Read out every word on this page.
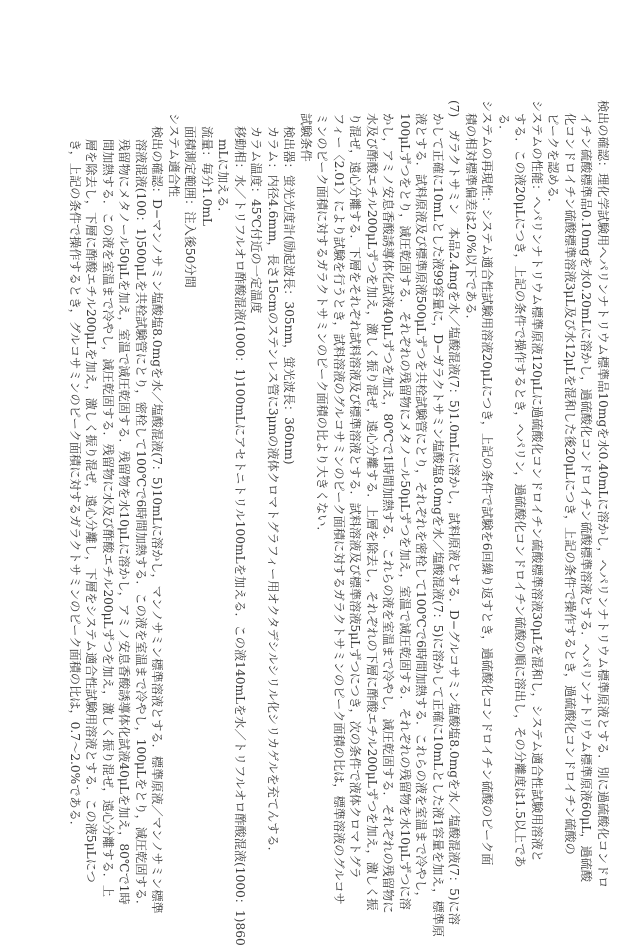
検出の確認：理化学試験用ヘパリンナトリウム標準品10mgを水0.40mLに溶かし，ヘパリンナトリウム標準原液とする．別に過硫酸化コンドロ
イチン硫酸標準品0.10mgを水0.20mLに溶かし，過硫酸化コンドロイチン硫酸標準溶液とする．ヘパリンナトリウム標準原液60μL，過硫酸
化コンドロイチン硫酸標準溶液3μL及び水12μLを混和した後20μLにつき，上記の条件で操作するとき，過硫酸化コンドロイチン硫酸の
ピークを認める．
システムの性能：ヘパリンナトリウム標準原液120μLに過硫酸化コンドロイチン硫酸標準溶液30μLを混和し，システム適合性試験用溶液と
する．この液20μLにつき，上記の条件で操作するとき，ヘパリン，過硫酸化コンドロイチン硫酸の順に溶出し，その分離度は1.5以上であ
る．
システムの再現性：システム適合性試験用溶液20μLにつき，上記の条件で試験を6回繰り返すとき，過硫酸化コンドロイチン硫酸のピーク面
積の相対標準偏差は2.0%以下である．
(7)　ガラクトサミン　本品2.4mgを水／塩酸混液(7：5)1.0mLに溶かし，試料原液とする．D−グルコサミン塩酸塩8.0mgを水／塩酸混液(7：5)に溶
かして正確に10mLとした液99容量に，D−ガラクトサミン塩酸塩8.0mgを水／塩酸混液(7：5)に溶かして正確に10mLとした液1容量を加え，標準原
液とする．試料原液及び標準原液500μLずつを共栓試験管にとり，それぞれを密栓して100℃で6時間加熱する．これらの液を室温まで冷やし，
100μLずつをとり，減圧乾固する．それぞれの残留物にメタノール50μLずつを加え，室温で減圧乾固する．それぞれの残留物を水10μLずつに溶
かし，アミノ安息香酸誘導体化試液40μLずつを加え，80℃で1時間加熱する．これらの液を室温まで冷やし，減圧乾固する．それぞれの残留物に
水及び酢酸エチル200μLずつを加え，激しく振り混ぜ，遠心分離する．上層を除去し，それぞれの下層に酢酸エチル200μLずつを加え，激しく振
り混ぜ，遠心分離する．下層をそれぞれ試料溶液及び標準溶液とする．試料溶液及び標準溶液5μLずつにつき，次の条件で液体クロマトグラ
フィー〈2.01〉により試験を行うとき，試料溶液のグルコサミンのピーク面積に対するガラクトサミンのピーク面積の比は，標準溶液のグルコサ
ミンのピーク面積に対するガラクトサミンのピーク面積の比より大きくない．
試験条件
検出器：蛍光光度計(励起波長：305nm，蛍光波長：360nm)
カラム：内径4.6mm，長さ15cmのステンレス管に3μmの液体クロマトグラフィー用オクタデシルシリル化シリカゲルを充てんする．
カラム温度：45℃付近の一定温度
移動相：水／トリフルオロ酢酸混液(1000：1)100mLにアセトニトリル100mLを加える．この液140mLを水／トリフルオロ酢酸混液(1000：1)860
mLに加える．
流量：毎分1.0mL
面積測定範囲：注入後50分間
システム適合性
検出の確認：D−マンノサミン塩酸塩8.0mgを水／塩酸混液(7：5)10mLに溶かし，マンノサミン標準溶液とする．標準原液／マンノサミン標準
溶液混液(100：1)500μLを共栓試験管にとり，密栓して100℃で6時間加熱する．この液を室温まで冷やし，100μLをとり，減圧乾固する．
残留物にメタノール50μLを加え，室温で減圧乾固する．残留物を水10μLに溶かし，アミノ安息香酸誘導体化試液40μLを加え，80℃で1時
間加熱する．この液を室温まで冷やし，減圧乾固する．残留物に水及び酢酸エチル200μLずつを加え，激しく振り混ぜ，遠心分離する．上
層を除去し，下層に酢酸エチル200μLを加え，激しく振り混ぜ，遠心分離し，下層をシステム適合性試験用溶液とする．この液5μLにつ
き，上記の条件で操作するとき，グルコサミンのピーク面積に対するガラクトサミンのピーク面積の比は，0.7〜2.0%である．
